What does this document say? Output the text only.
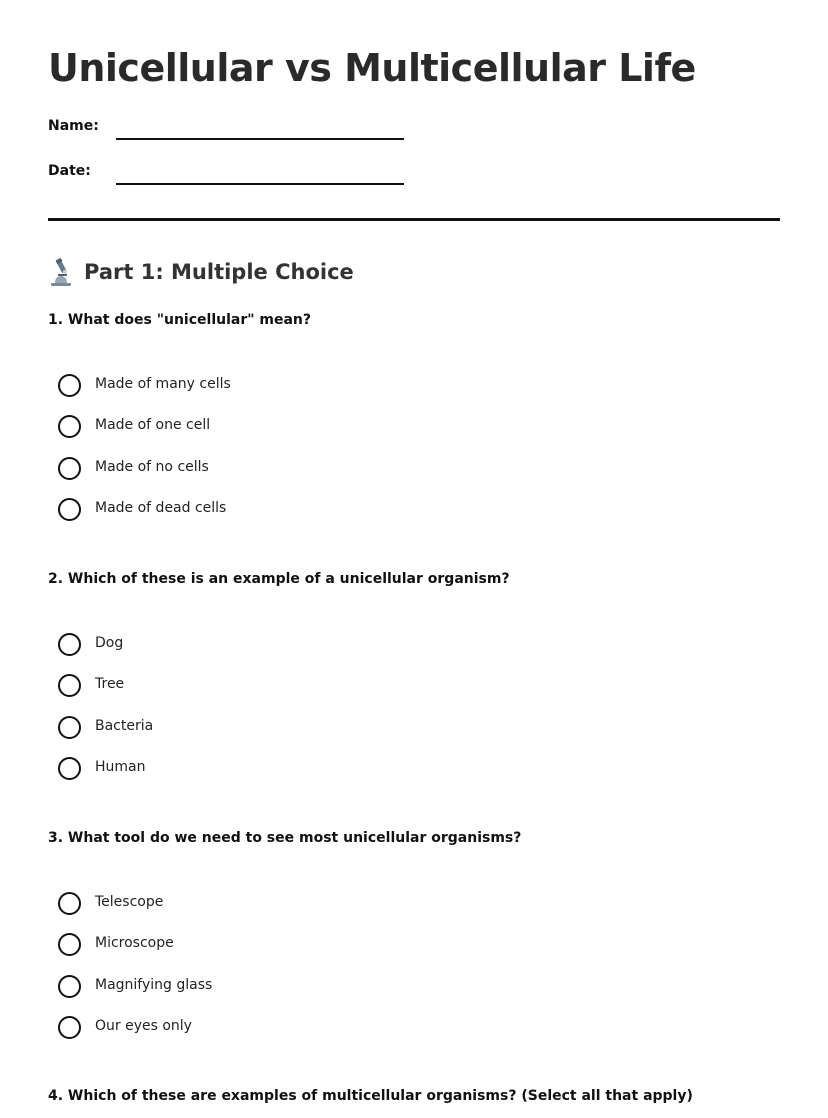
Unicellular vs Multicellular Life
Name:
Date:
Part 1: Multiple Choice
1. What does "unicellular" mean?
Made of many cells
Made of one cell
Made of no cells
Made of dead cells
2. Which of these is an example of a unicellular organism?
Dog
Tree
Bacteria
Human
3. What tool do we need to see most unicellular organisms?
Telescope
Microscope
Magnifying glass
Our eyes only
4. Which of these are examples of multicellular organisms? (Select all that apply)
